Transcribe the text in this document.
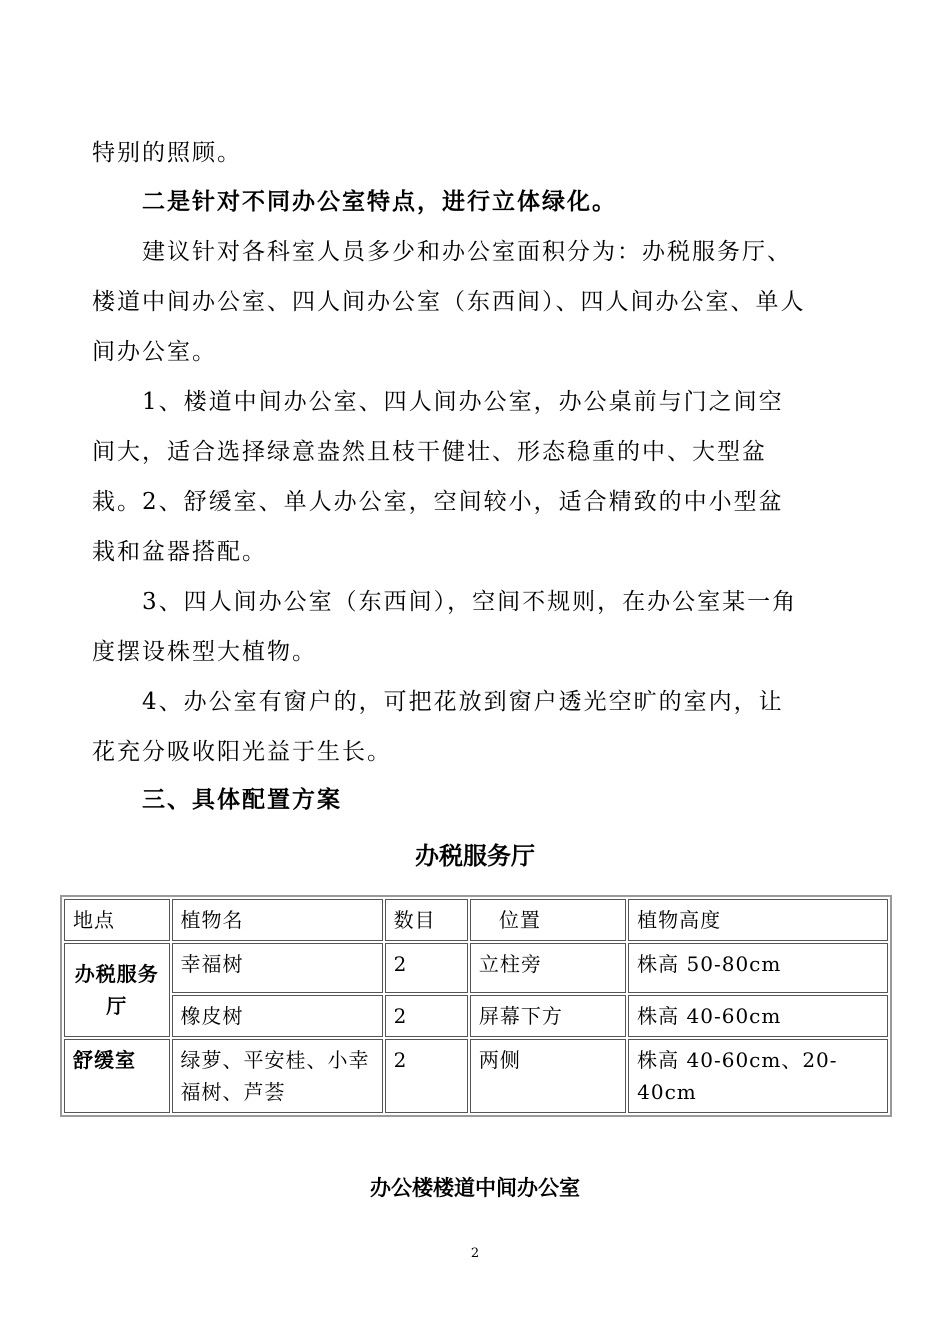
特别的照顾。

二是针对不同办公室特点，进行立体绿化。

建议针对各科室人员多少和办公室面积分为：办税服务厅、楼道中间办公室、四人间办公室（东西间）、四人间办公室、单人间办公室。

1、楼道中间办公室、四人间办公室，办公桌前与门之间空间大，适合选择绿意盎然且枝干健壮、形态稳重的中、大型盆栽。 2、舒缓室、单人办公室，空间较小，适合精致的中小型盆栽和盆器搭配。

3、四人间办公室（东西间），空间不规则，在办公室某一角度摆设株型大植物。

4、办公室有窗户的，可把花放到窗户透光空旷的室内，让花充分吸收阳光益于生长。

三、具体配置方案

办税服务厅
地点	植物名	数目	位置	植物高度
办税服务厅	幸福树	2	立柱旁	株高 50-80cm
	橡皮树	2	屏幕下方	株高 40-60cm
舒缓室	绿萝、平安桂、小幸福树、芦荟	2	两侧	株高 40-60cm、20-40cm
办公楼楼道中间办公室
2
